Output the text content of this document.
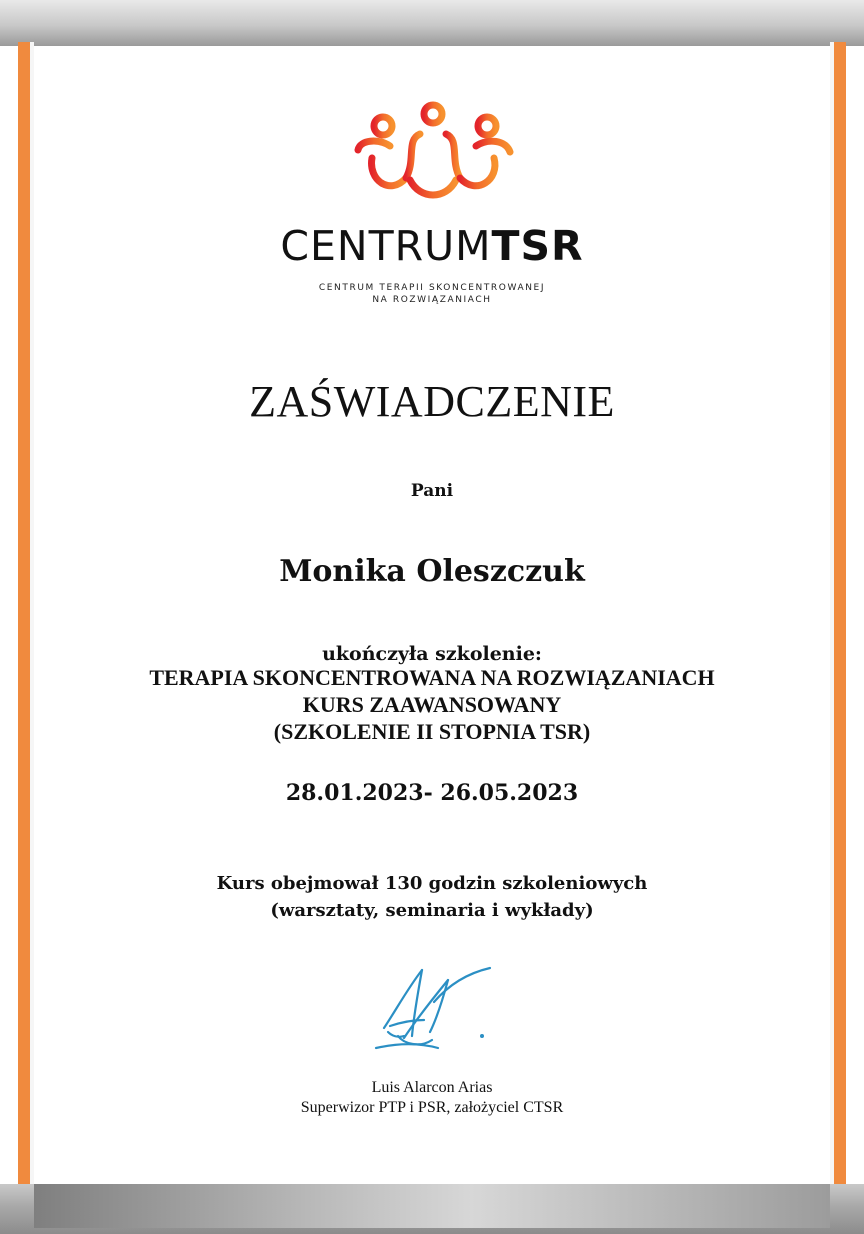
CENTRUMTSR
CENTRUM TERAPII SKONCENTROWANEJ
NA ROZWIĄZANIACH
ZAŚWIADCZENIE
Pani
Monika Oleszczuk
ukończyła szkolenie:
TERAPIA SKONCENTROWANA NA ROZWIĄZANIACH
KURS ZAAWANSOWANY
(SZKOLENIE II STOPNIA TSR)
28.01.2023- 26.05.2023
Kurs obejmował 130 godzin szkoleniowych
(warsztaty, seminaria i wykłady)
Luis Alarcon Arias
Superwizor PTP i PSR, założyciel CTSR
